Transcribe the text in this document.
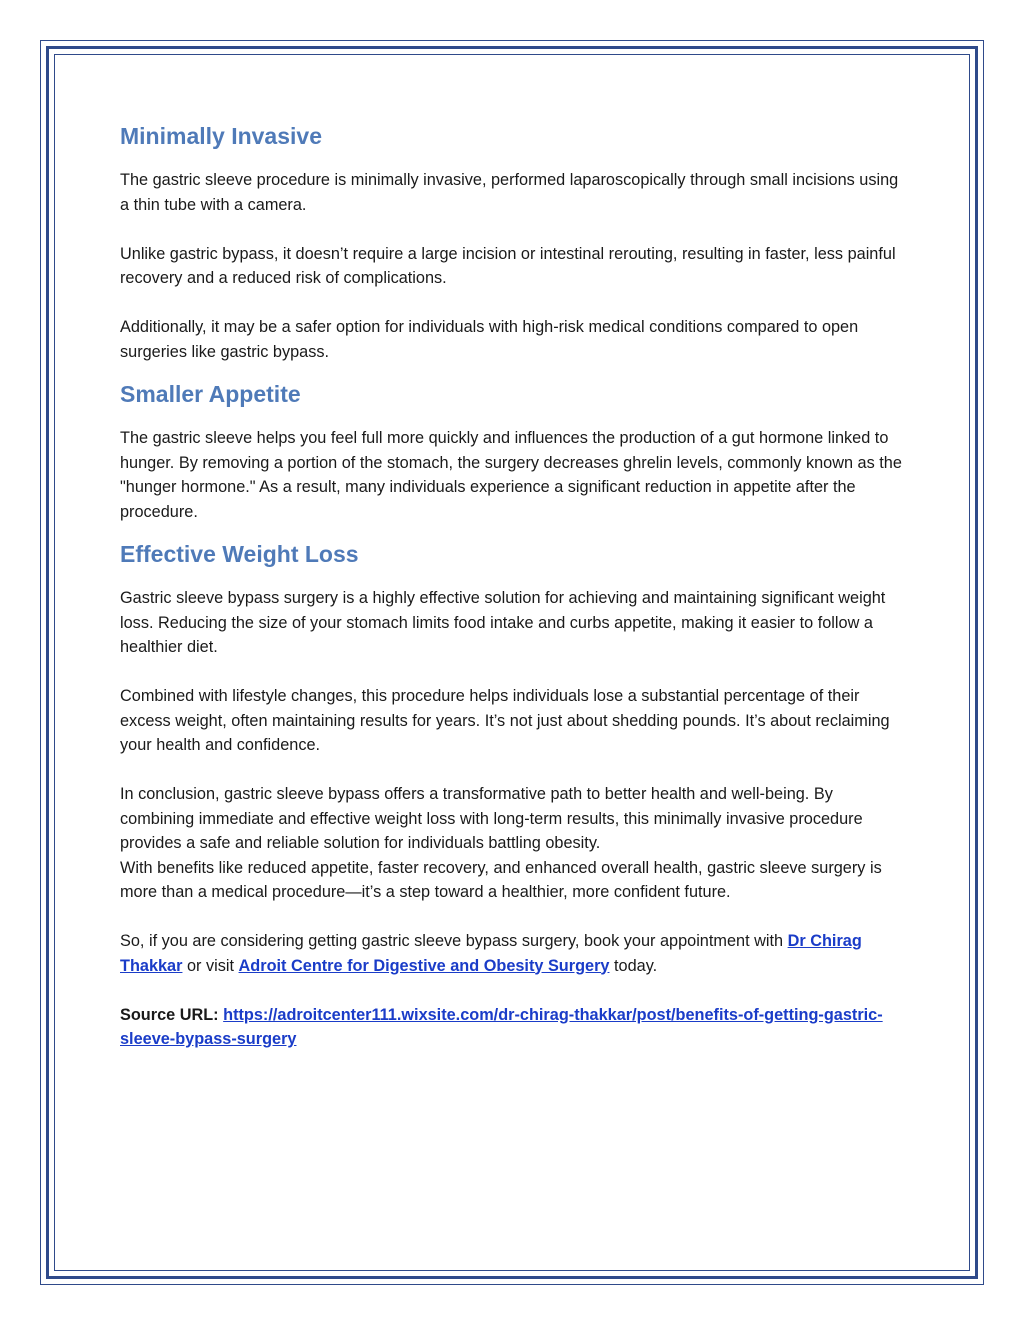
Minimally Invasive

The gastric sleeve procedure is minimally invasive, performed laparoscopically through small incisions using a thin tube with a camera.

Unlike gastric bypass, it doesn’t require a large incision or intestinal rerouting, resulting in faster, less painful recovery and a reduced risk of complications.

Additionally, it may be a safer option for individuals with high-risk medical conditions compared to open surgeries like gastric bypass.

Smaller Appetite

The gastric sleeve helps you feel full more quickly and influences the production of a gut hormone linked to hunger. By removing a portion of the stomach, the surgery decreases ghrelin levels, commonly known as the "hunger hormone." As a result, many individuals experience a significant reduction in appetite after the procedure.

Effective Weight Loss

Gastric sleeve bypass surgery is a highly effective solution for achieving and maintaining significant weight loss. Reducing the size of your stomach limits food intake and curbs appetite, making it easier to follow a healthier diet.

Combined with lifestyle changes, this procedure helps individuals lose a substantial percentage of their excess weight, often maintaining results for years. It’s not just about shedding pounds. It’s about reclaiming your health and confidence.

In conclusion, gastric sleeve bypass offers a transformative path to better health and well-being. By combining immediate and effective weight loss with long-term results, this minimally invasive procedure provides a safe and reliable solution for individuals battling obesity.

With benefits like reduced appetite, faster recovery, and enhanced overall health, gastric sleeve surgery is more than a medical procedure—it’s a step toward a healthier, more confident future.

So, if you are considering getting gastric sleeve bypass surgery, book your appointment with Dr Chirag Thakkar or visit Adroit Centre for Digestive and Obesity Surgery today.

Source URL: https://adroitcenter111.wixsite.com/dr-chirag-thakkar/post/benefits-of-getting-gastric-sleeve-bypass-surgery
